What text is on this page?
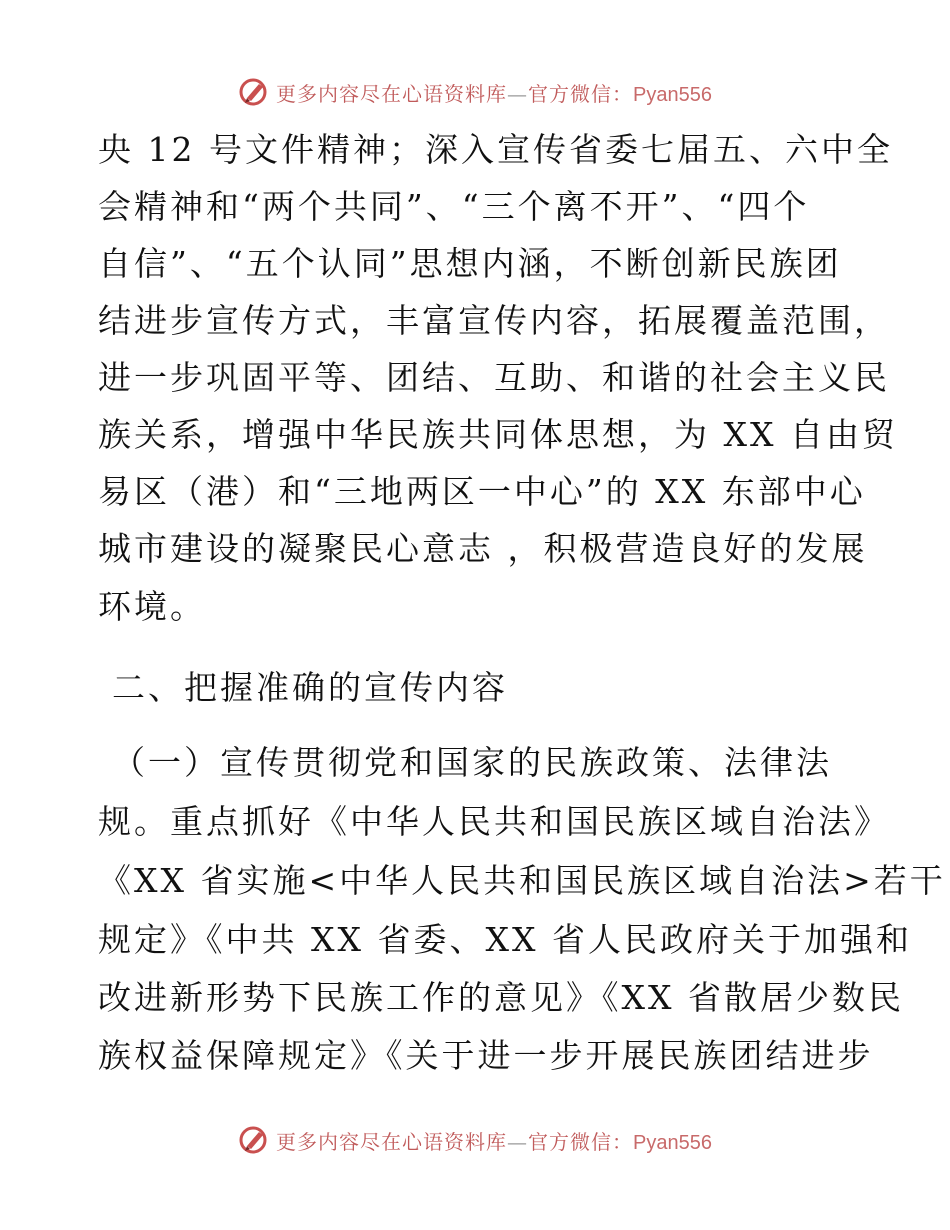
更多内容尽在心语资料库—官方微信：Pyan556
央 12 号文件精神；深入宣传省委七届五、六中全
会精神和“两个共同”、“三个离不开”、“四个
自信”、“五个认同”思想内涵，不断创新民族团
结进步宣传方式，丰富宣传内容，拓展覆盖范围，
进一步巩固平等、团结、互助、和谐的社会主义民
族关系，增强中华民族共同体思想，为 XX 自由贸
易区（港）和“三地两区一中心”的 XX 东部中心
城市建设的凝聚民心意志 ，积极营造良好的发展
环境。
二、把握准确的宣传内容
（一）宣传贯彻党和国家的民族政策、法律法
规。重点抓好《中华人民共和国民族区域自治法》
《XX 省实施<中华人民共和国民族区域自治法>若干
规定》《中共 XX 省委、XX 省人民政府关于加强和
改进新形势下民族工作的意见》《XX 省散居少数民
族权益保障规定》《关于进一步开展民族团结进步
更多内容尽在心语资料库—官方微信：Pyan556
